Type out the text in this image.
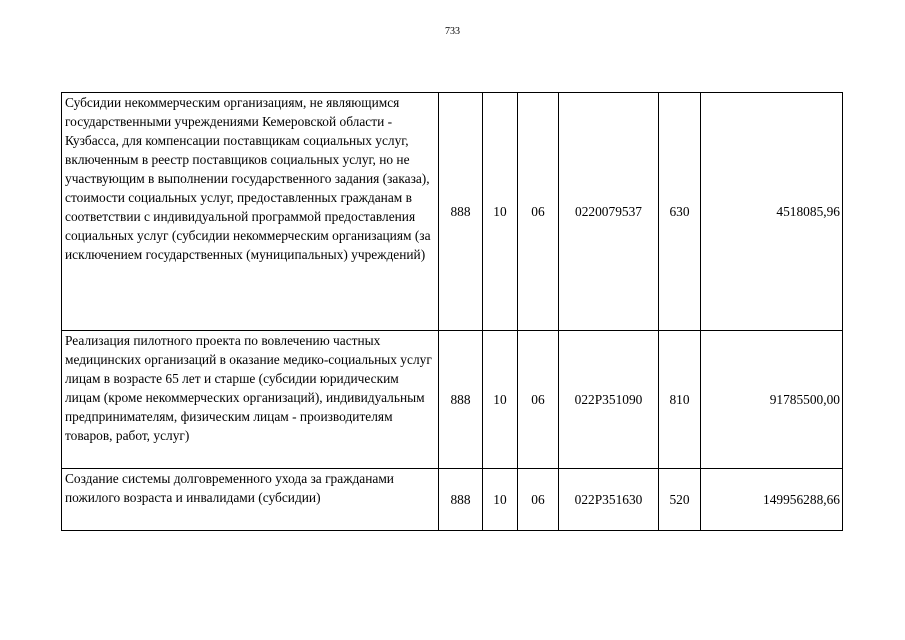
733
Субсидии некоммерческим организациям, не являющимся государственными учреждениями Кемеровской области - Кузбасса, для компенсации поставщикам социальных услуг, включенным в реестр поставщиков социальных услуг, но не участвующим в выполнении государственного задания (заказа), стоимости социальных услуг, предоставленных гражданам в соответствии с индивидуальной программой предоставления социальных услуг (субсидии некоммерческим организациям (за исключением государственных (муниципальных) учреждений)	888	10	06	0220079537	630	4518085,96
Реализация пилотного проекта по вовлечению частных медицинских организаций в оказание медико-социальных услуг лицам в возрасте 65 лет и старше (субсидии юридическим лицам (кроме некоммерческих организаций), индивидуальным предпринимателям, физическим лицам - производителям товаров, работ, услуг)	888	10	06	022P351090	810	91785500,00
Создание системы долговременного ухода за гражданами пожилого возраста и инвалидами (субсидии)	888	10	06	022P351630	520	149956288,66
